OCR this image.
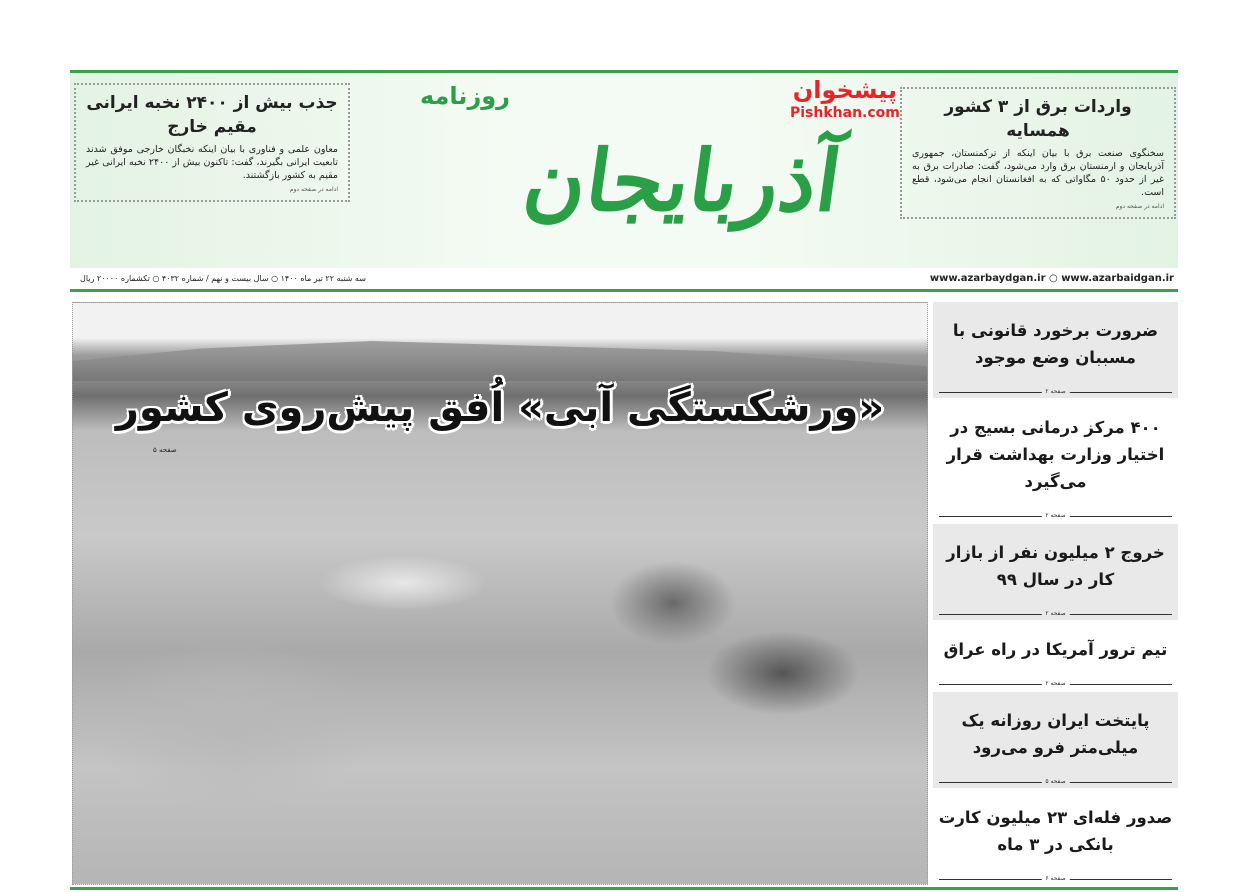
واردات برق از ۳ کشور همسایه

سخنگوی صنعت برق با بیان اینکه از ترکمنستان، جمهوری آذربایجان و ارمنستان برق وارد می‌شود، گفت: صادرات برق به غیر از حدود ۵۰ مگاواتی که به افغانستان انجام می‌شود، قطع است.

ادامه در صفحه دوم
روزنامه
آذربایجان
پیشخوان
Pishkhan.com
جذب بیش از ۲۴۰۰ نخبه ایرانی مقیم خارج

معاون علمی و فناوری با بیان اینکه نخبگان خارجی موفق شدند تابعیت ایرانی بگیرند، گفت: تاکنون بیش از ۲۴۰۰ نخبه ایرانی غیر مقیم به کشور بازگشتند.

ادامه در صفحه دوم
www.azarbaydgan.ir ○ www.azarbaidgan.ir
سه شنبه ۲۲ تیر ماه ۱۴۰۰ ○ سال بیست و نهم / شماره ۴۰۳۲ ○ تکشماره ۲۰۰۰۰ ریال
«ورشکستگی آبی» اُفق پیش‌روی کشور
صفحه ۵
ضرورت برخورد قانونی با مسببان وضع موجود
صفحه ۲
۴۰۰ مرکز درمانی بسیج در اختیار وزارت بهداشت قرار می‌گیرد
صفحه ۲
خروج ۲ میلیون نفر از بازار کار در سال ۹۹
صفحه ۲
تیم ترور آمریکا در راه عراق
صفحه ۲
پایتخت ایران روزانه یک میلی‌متر فرو می‌رود
صفحه ۵
صدور فله‌ای ۲۳ میلیون کارت بانکی در ۳ ماه
صفحه ۶
